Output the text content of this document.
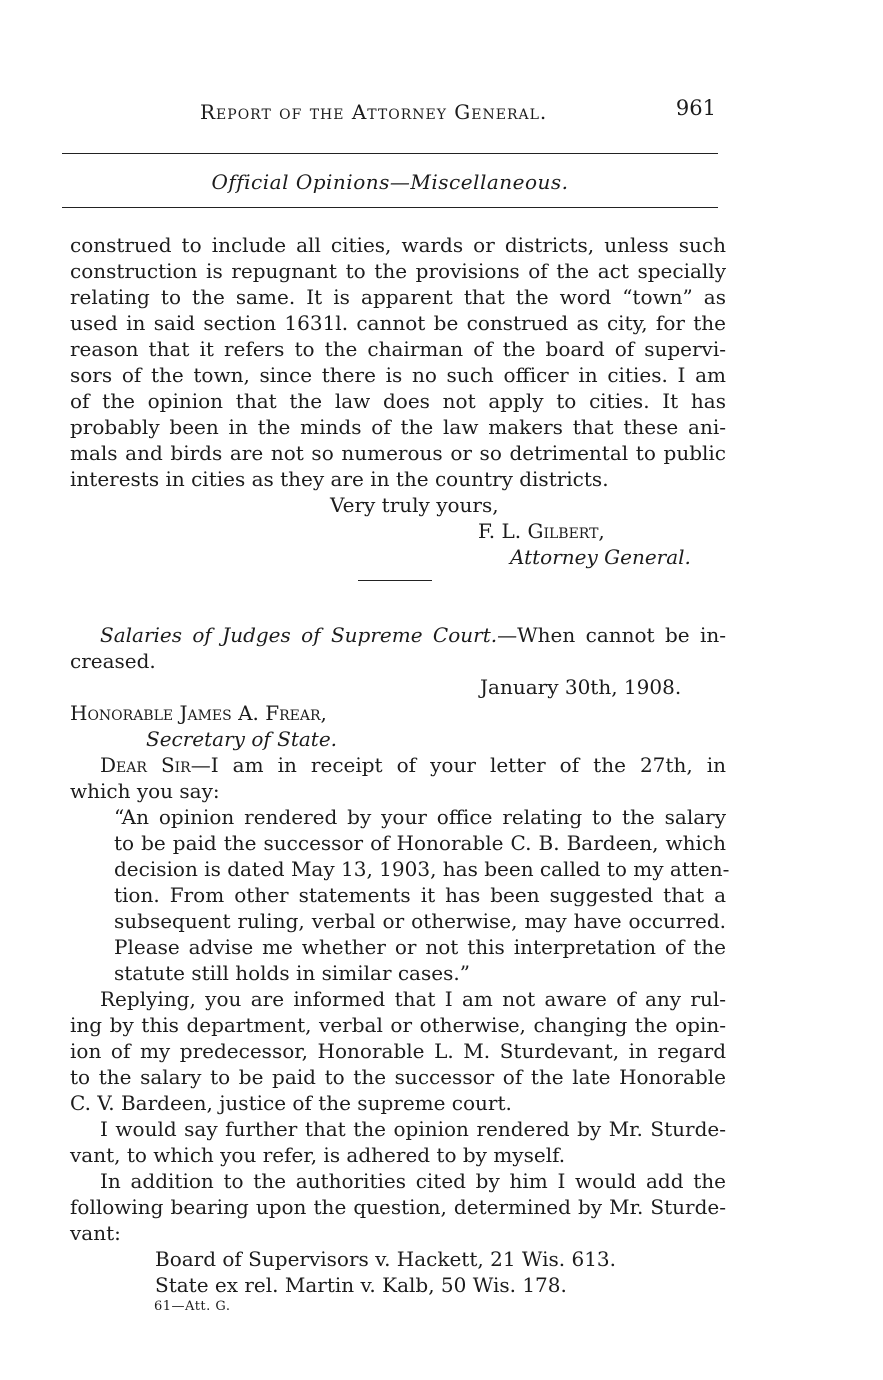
Report of the Attorney General.	961
Official Opinions—Miscellaneous.
construed to include all cities, wards or districts, unless such
construction is repugnant to the provisions of the act specially
relating to the same. It is apparent that the word “town” as
used in said section 1631l. cannot be construed as city, for the
reason that it refers to the chairman of the board of supervi-
sors of the town, since there is no such officer in cities. I am
of the opinion that the law does not apply to cities. It has
probably been in the minds of the law makers that these ani-
mals and birds are not so numerous or so detrimental to public
interests in cities as they are in the country districts.
Very truly yours,
F. L. Gilbert,
Attorney General.
Salaries of Judges of Supreme Court.—When cannot be in-
creased.
January 30th, 1908.
Honorable James A. Frear,
Secretary of State.
Dear Sir—I am in receipt of your letter of the 27th, in
which you say:
“An opinion rendered by your office relating to the salary
to be paid the successor of Honorable C. B. Bardeen, which
decision is dated May 13, 1903, has been called to my atten-
tion. From other statements it has been suggested that a
subsequent ruling, verbal or otherwise, may have occurred.
Please advise me whether or not this interpretation of the
statute still holds in similar cases.”
Replying, you are informed that I am not aware of any rul-
ing by this department, verbal or otherwise, changing the opin-
ion of my predecessor, Honorable L. M. Sturdevant, in regard
to the salary to be paid to the successor of the late Honorable
C. V. Bardeen, justice of the supreme court.
I would say further that the opinion rendered by Mr. Sturde-
vant, to which you refer, is adhered to by myself.
In addition to the authorities cited by him I would add the
following bearing upon the question, determined by Mr. Sturde-
vant:
Board of Supervisors v. Hackett, 21 Wis. 613.
State ex rel. Martin v. Kalb, 50 Wis. 178.
61—Att. G.
